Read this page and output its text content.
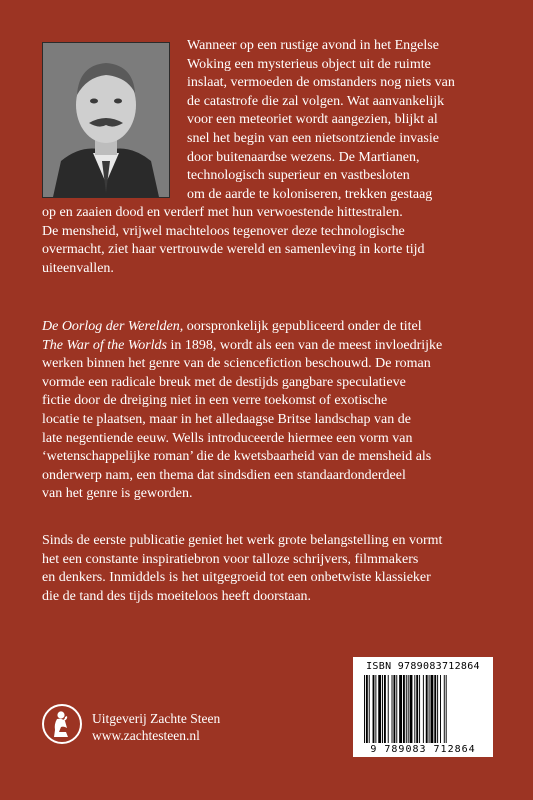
Wanneer op een rustige avond in het Engelse
Woking een mysterieus object uit de ruimte
inslaat, vermoeden de omstanders nog niets van
de catastrofe die zal volgen. Wat aanvankelijk
voor een meteoriet wordt aangezien, blijkt al
snel het begin van een nietsontziende invasie
door buitenaardse wezens. De Martianen,
technologisch superieur en vastbesloten
om de aarde te koloniseren, trekken gestaag
op en zaaien dood en verderf met hun verwoestende hittestralen.
De mensheid, vrijwel machteloos tegenover deze technologische
overmacht, ziet haar vertrouwde wereld en samenleving in korte tijd
uiteenvallen.
De Oorlog der Werelden, oorspronkelijk gepubliceerd onder de titel
The War of the Worlds in 1898, wordt als een van de meest invloedrijke
werken binnen het genre van de sciencefiction beschouwd. De roman
vormde een radicale breuk met de destijds gangbare speculatieve
fictie door de dreiging niet in een verre toekomst of exotische
locatie te plaatsen, maar in het alledaagse Britse landschap van de
late negentiende eeuw. Wells introduceerde hiermee een vorm van
‘wetenschappelijke roman’ die de kwetsbaarheid van de mensheid als
onderwerp nam, een thema dat sindsdien een standaardonderdeel
van het genre is geworden.
Sinds de eerste publicatie geniet het werk grote belangstelling en vormt
het een constante inspiratiebron voor talloze schrijvers, filmmakers
en denkers. Inmiddels is het uitgegroeid tot een onbetwiste klassieker
die de tand des tijds moeiteloos heeft doorstaan.
Uitgeverij Zachte Steen
www.zachtesteen.nl
ISBN 9789083712864
9 789083 712864
